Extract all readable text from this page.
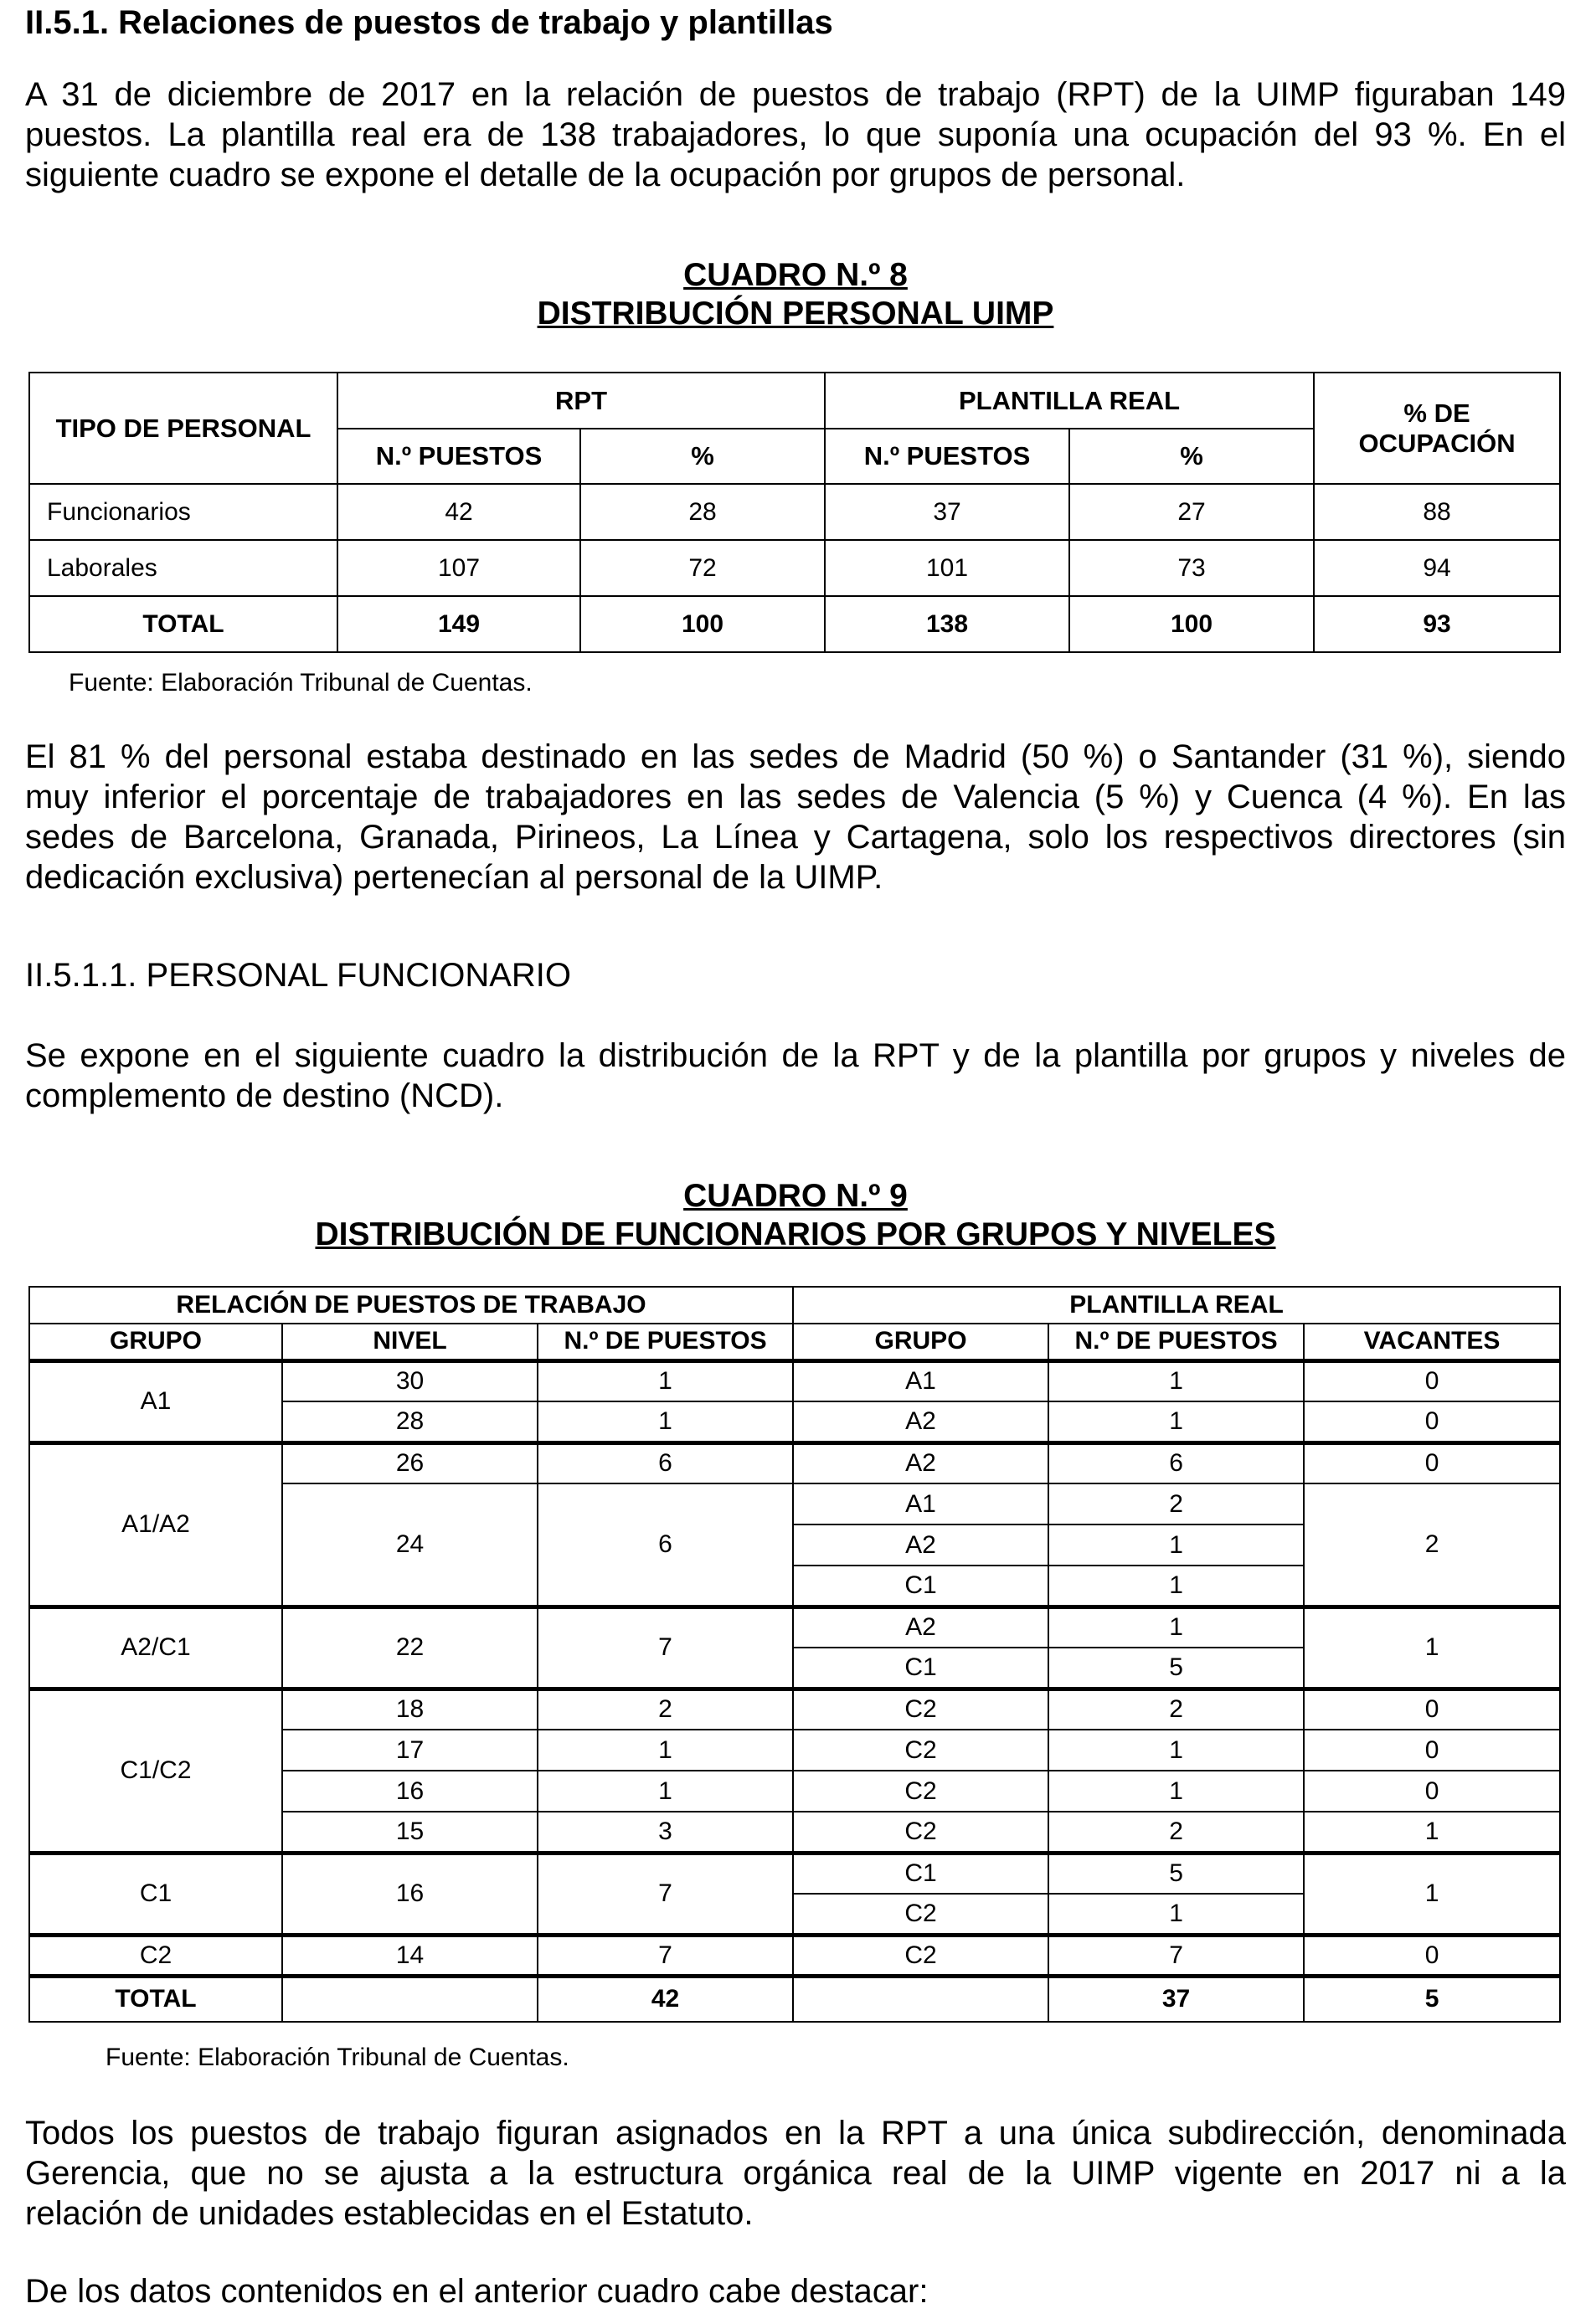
II.5.1. Relaciones de puestos de trabajo y plantillas
A 31 de diciembre de 2017 en la relación de puestos de trabajo (RPT) de la UIMP figuraban 149
puestos. La plantilla real era de 138 trabajadores, lo que suponía una ocupación del 93 %. En el
siguiente cuadro se expone el detalle de la ocupación por grupos de personal.
CUADRO N.º 8
DISTRIBUCIÓN PERSONAL UIMP
TIPO DE PERSONAL	RPT		PLANTILLA REAL		% DE
OCUPACIÓN
	N.º PUESTOS	%	N.º PUESTOS	%	
Funcionarios	42	28	37	27	88
Laborales	107	72	101	73	94
TOTAL	149	100	138	100	93
Fuente: Elaboración Tribunal de Cuentas.
El 81 % del personal estaba destinado en las sedes de Madrid (50 %) o Santander (31 %), siendo
muy inferior el porcentaje de trabajadores en las sedes de Valencia (5 %) y Cuenca (4 %). En las
sedes de Barcelona, Granada, Pirineos, La Línea y Cartagena, solo los respectivos directores (sin
dedicación exclusiva) pertenecían al personal de la UIMP.
II.5.1.1. PERSONAL FUNCIONARIO
Se expone en el siguiente cuadro la distribución de la RPT y de la plantilla por grupos y niveles de
complemento de destino (NCD).
CUADRO N.º 9
DISTRIBUCIÓN DE FUNCIONARIOS POR GRUPOS Y NIVELES
RELACIÓN DE PUESTOS DE TRABAJO			PLANTILLA REAL		
GRUPO	NIVEL	N.º DE PUESTOS	GRUPO	N.º DE PUESTOS	VACANTES
A1	30	1	A1	1	0
	28	1	A2	1	0
A1/A2	26	6	A2	6	0
	24	6	A1	2	2
			A2	1	
			C1	1	
A2/C1	22	7	A2	1	1
			C1	5	
C1/C2	18	2	C2	2	0
	17	1	C2	1	0
	16	1	C2	1	0
	15	3	C2	2	1
C1	16	7	C1	5	1
			C2	1	
C2	14	7	C2	7	0
TOTAL		42		37	5
Fuente: Elaboración Tribunal de Cuentas.
Todos los puestos de trabajo figuran asignados en la RPT a una única subdirección, denominada
Gerencia, que no se ajusta a la estructura orgánica real de la UIMP vigente en 2017 ni a la
relación de unidades establecidas en el Estatuto.
De los datos contenidos en el anterior cuadro cabe destacar:
